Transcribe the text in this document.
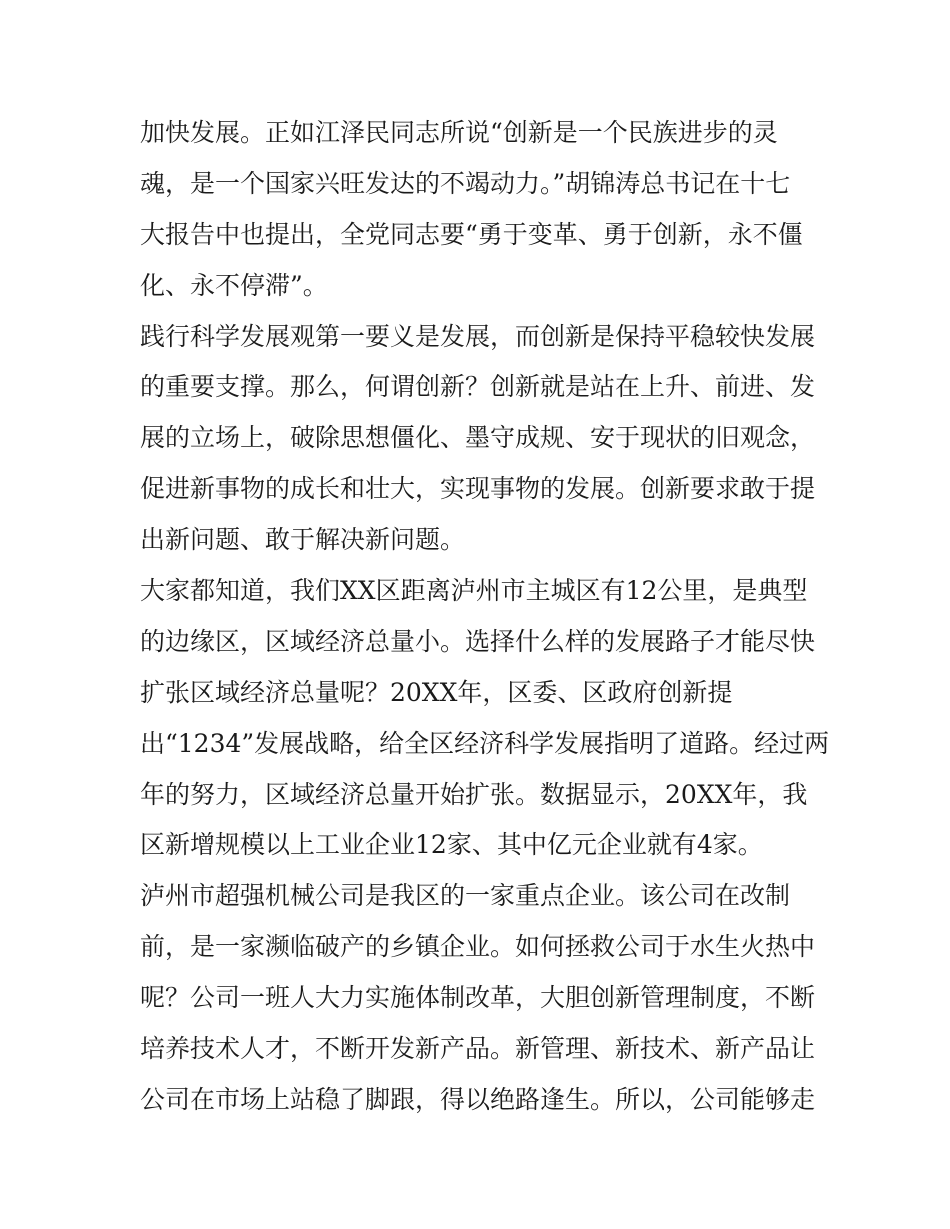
加快发展。正如江泽民同志所说“创新是一个民族进步的灵
魂，是一个国家兴旺发达的不竭动力。”胡锦涛总书记在十七
大报告中也提出，全党同志要“勇于变革、勇于创新，永不僵
化、永不停滞”。
践行科学发展观第一要义是发展，而创新是保持平稳较快发展
的重要支撑。那么，何谓创新？创新就是站在上升、前进、发
展的立场上，破除思想僵化、墨守成规、安于现状的旧观念，
促进新事物的成长和壮大，实现事物的发展。创新要求敢于提
出新问题、敢于解决新问题。
大家都知道，我们XX区距离泸州市主城区有12公里，是典型
的边缘区，区域经济总量小。选择什么样的发展路子才能尽快
扩张区域经济总量呢？20XX年，区委、区政府创新提
出“1234”发展战略，给全区经济科学发展指明了道路。经过两
年的努力，区域经济总量开始扩张。数据显示，20XX年，我
区新增规模以上工业企业12家、其中亿元企业就有4家。
泸州市超强机械公司是我区的一家重点企业。该公司在改制
前，是一家濒临破产的乡镇企业。如何拯救公司于水生火热中
呢？公司一班人大力实施体制改革，大胆创新管理制度，不断
培养技术人才，不断开发新产品。新管理、新技术、新产品让
公司在市场上站稳了脚跟，得以绝路逢生。所以，公司能够走
